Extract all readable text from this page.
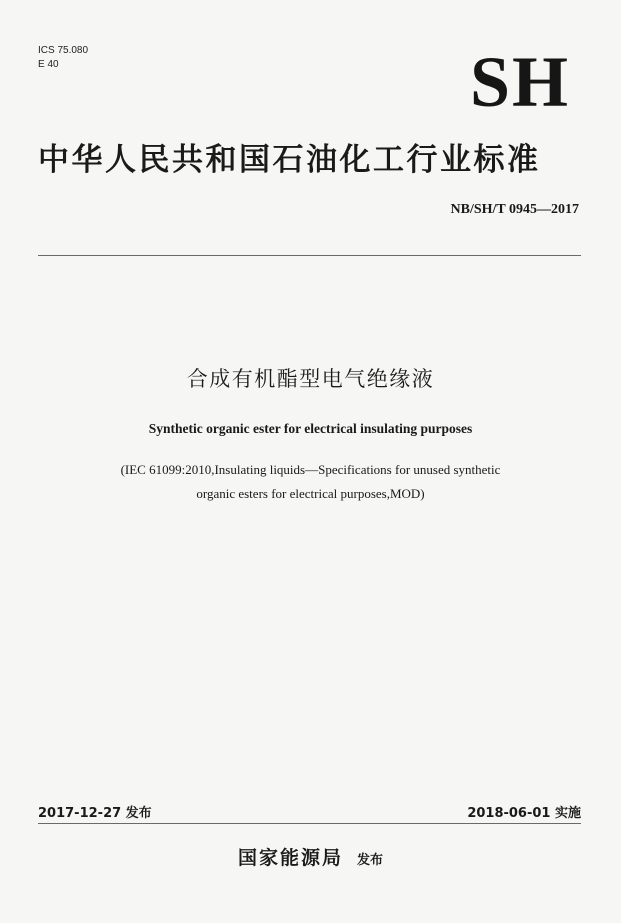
ICS 75.080
E 40	SH
中华人民共和国石油化工行业标准
NB/SH/T 0945—2017
合成有机酯型电气绝缘液
Synthetic organic ester for electrical insulating purposes
(IEC 61099:2010,Insulating liquids—Specifications for unused synthetic
organic esters for electrical purposes,MOD)
2017-12-27 发布	2018-06-01 实施
国家能源局 发布
